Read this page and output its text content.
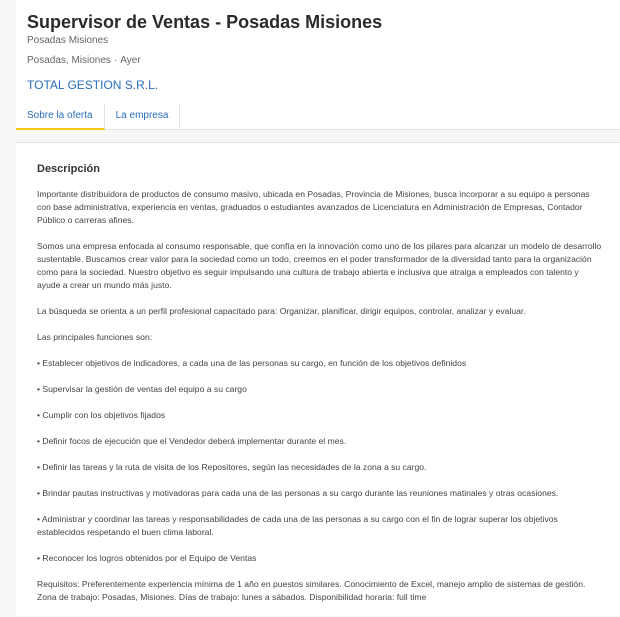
Supervisor de Ventas - Posadas Misiones
Posadas Misiones
Posadas, Misiones · Ayer
TOTAL GESTION S.R.L.
Sobre la oferta	La empresa
Descripción

Importante distribuidora de productos de consumo masivo, ubicada en Posadas, Provincia de Misiones, busca incorporar a su equipo a personas con base administrativa, experiencia en ventas, graduados o estudiantes avanzados de Licenciatura en Administración de Empresas, Contador Público o carreras afines.

Somos una empresa enfocada al consumo responsable, que confía en la innovación como uno de los pilares para alcanzar un modelo de desarrollo sustentable. Buscamos crear valor para la sociedad como un todo, creemos en el poder transformador de la diversidad tanto para la organización como para la sociedad. Nuestro objetivo es seguir impulsando una cultura de trabajo abierta e inclusiva que atraiga a empleados con talento y ayude a crear un mundo más justo.

La búsqueda se orienta a un perfil profesional capacitado para: Organizar, planificar, dirigir equipos, controlar, analizar y evaluar.

Las principales funciones son:

• Establecer objetivos de indicadores, a cada una de las personas su cargo, en función de los objetivos definidos

• Supervisar la gestión de ventas del equipo a su cargo

• Cumplir con los objetivos fijados

• Definir focos de ejecución que el Vendedor deberá implementar durante el mes.

• Definir las tareas y la ruta de visita de los Repositores, según las necesidades de la zona a su cargo.

• Brindar pautas instructivas y motivadoras para cada una de las personas a su cargo durante las reuniones matinales y otras ocasiones.

• Administrar y coordinar las tareas y responsabilidades de cada una de las personas a su cargo con el fin de lograr superar los objetivos establecidos respetando el buen clima laboral.

• Reconocer los logros obtenidos por el Equipo de Ventas

Requisitos: Preferentemente experiencia mínima de 1 año en puestos similares. Conocimiento de Excel, manejo amplio de sistemas de gestión. Zona de trabajo: Posadas, Misiones. Días de trabajo: lunes a sábados. Disponibilidad horaria: full time
